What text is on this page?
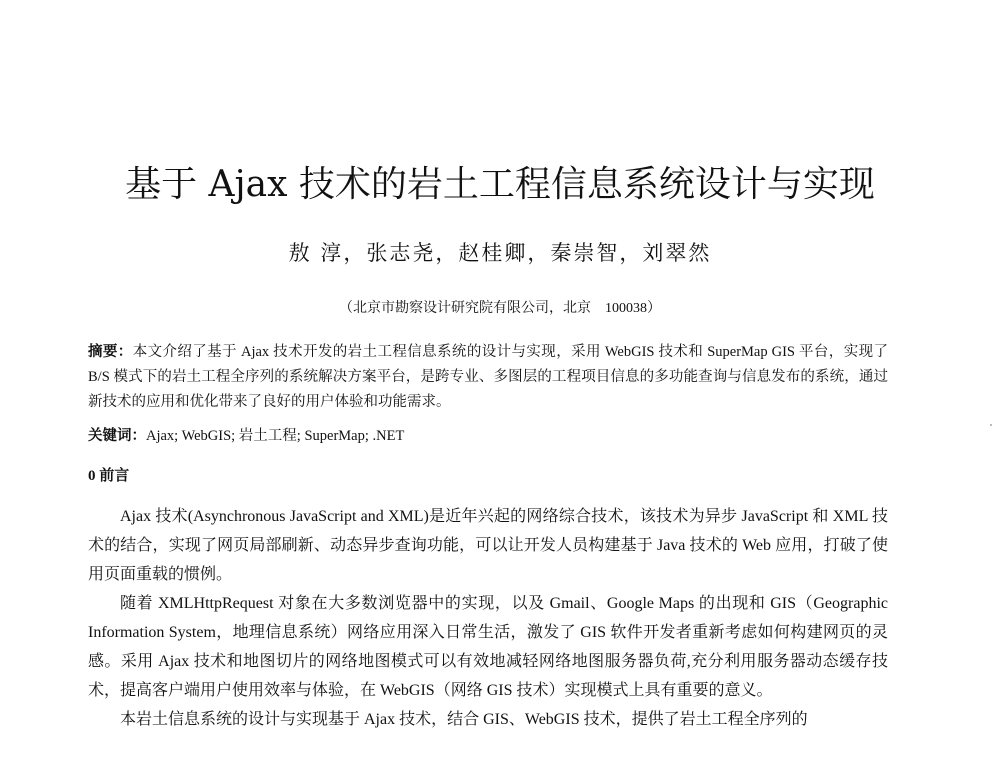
基于 Ajax 技术的岩土工程信息系统设计与实现
敖 淳，张志尧，赵桂卿，秦崇智，刘翠然
（北京市勘察设计研究院有限公司，北京　100038）
摘要：本文介绍了基于 Ajax 技术开发的岩土工程信息系统的设计与实现，采用 WebGIS 技术和 SuperMap GIS 平台，实现了 B/S 模式下的岩土工程全序列的系统解决方案平台，是跨专业、多图层的工程项目信息的多功能查询与信息发布的系统，通过新技术的应用和优化带来了良好的用户体验和功能需求。
关键词：Ajax; WebGIS; 岩土工程; SuperMap; .NET
0 前言

Ajax 技术(Asynchronous JavaScript and XML)是近年兴起的网络综合技术，该技术为异步 JavaScript 和 XML 技术的结合，实现了网页局部刷新、动态异步查询功能，可以让开发人员构建基于 Java 技术的 Web 应用，打破了使用页面重载的惯例。

随着 XMLHttpRequest 对象在大多数浏览器中的实现，以及 Gmail、Google Maps 的出现和 GIS（Geographic Information System，地理信息系统）网络应用深入日常生活，激发了 GIS 软件开发者重新考虑如何构建网页的灵感。采用 Ajax 技术和地图切片的网络地图模式可以有效地减轻网络地图服务器负荷,充分利用服务器动态缓存技术，提高客户端用户使用效率与体验，在 WebGIS（网络 GIS 技术）实现模式上具有重要的意义。

本岩土信息系统的设计与实现基于 Ajax 技术，结合 GIS、WebGIS 技术，提供了岩土工程全序列的
